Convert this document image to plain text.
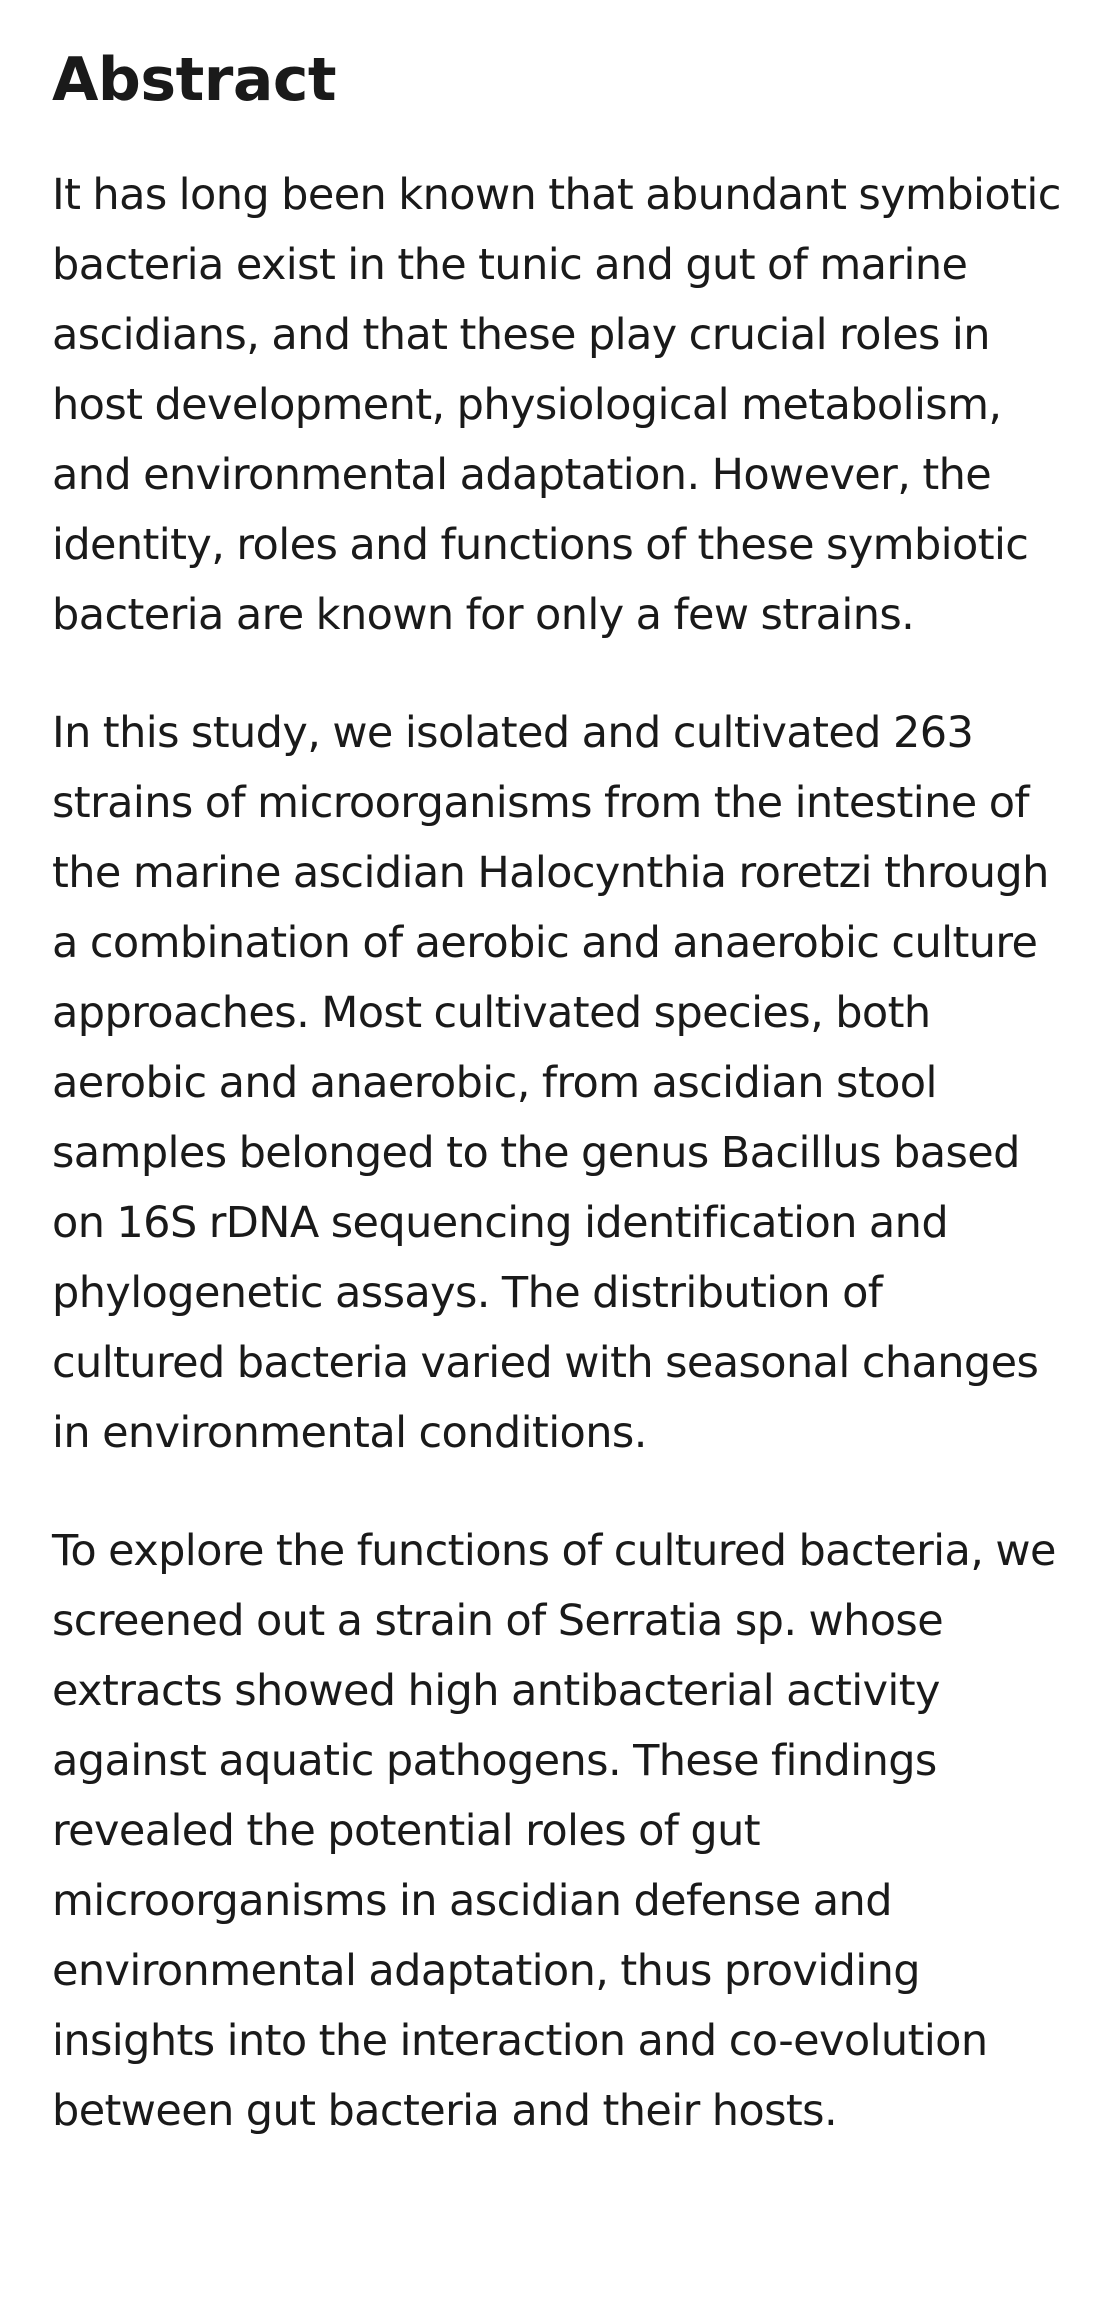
Abstract

It has long been known that abundant symbiotic bacteria exist in the tunic and gut of marine ascidians, and that these play crucial roles in host development, physiological metabolism, and environmental adaptation. However, the identity, roles and functions of these symbiotic bacteria are known for only a few strains.

In this study, we isolated and cultivated 263 strains of microorganisms from the intestine of the marine ascidian Halocynthia roretzi through a combination of aerobic and anaerobic culture approaches. Most cultivated species, both aerobic and anaerobic, from ascidian stool samples belonged to the genus Bacillus based on 16S rDNA sequencing identification and phylogenetic assays. The distribution of cultured bacteria varied with seasonal changes in environmental conditions.

To explore the functions of cultured bacteria, we screened out a strain of Serratia sp. whose extracts showed high antibacterial activity against aquatic pathogens. These findings revealed the potential roles of gut microorganisms in ascidian defense and environmental adaptation, thus providing insights into the interaction and co-evolution between gut bacteria and their hosts.
